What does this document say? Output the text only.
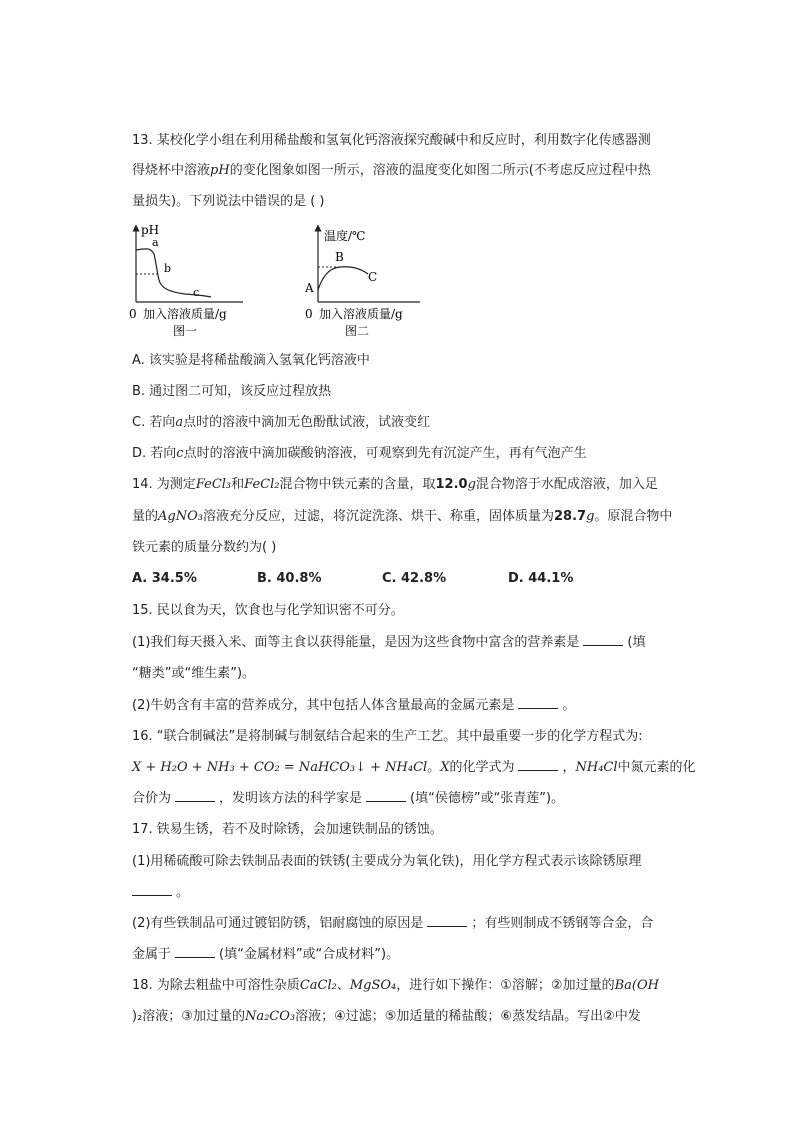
13. 某校化学小组在利用稀盐酸和氢氧化钙溶液探究酸碱中和反应时，利用数字化传感器测
得烧杯中溶液pH的变化图象如图一所示，溶液的温度变化如图二所示(不考虑反应过程中热
量损失)。下列说法中错误的是 ( )
pH
a
b
c
0 加入溶液质量/g
图一
温度/℃
A
B
C
0 加入溶液质量/g
图二
A. 该实验是将稀盐酸滴入氢氧化钙溶液中
B. 通过图二可知，该反应过程放热
C. 若向a点时的溶液中滴加无色酚酞试液，试液变红
D. 若向c点时的溶液中滴加碳酸钠溶液，可观察到先有沉淀产生，再有气泡产生
14. 为测定FeCl₃和FeCl₂混合物中铁元素的含量，取12.0g混合物溶于水配成溶液，加入足
量的AgNO₃溶液充分反应，过滤，将沉淀洗涤、烘干、称重，固体质量为28.7g。原混合物中
铁元素的质量分数约为( )
A. 34.5%	B. 40.8%	C. 42.8%	D. 44.1%
15. 民以食为天，饮食也与化学知识密不可分。
(1)我们每天摄入米、面等主食以获得能量，是因为这些食物中富含的营养素是	(填
“糖类”或“维生素”)。
(2)牛奶含有丰富的营养成分，其中包括人体含量最高的金属元素是	。
16. “联合制碱法”是将制碱与制氨结合起来的生产工艺。其中最重要一步的化学方程式为:
X + H₂O + NH₃ + CO₂ = NaHCO₃↓ + NH₄Cl。X的化学式为	，NH₄Cl中氮元素的化
合价为	，发明该方法的科学家是	(填“侯德榜”或“张青莲”)。
17. 铁易生锈，若不及时除锈，会加速铁制品的锈蚀。
(1)用稀硫酸可除去铁制品表面的铁锈(主要成分为氧化铁)，用化学方程式表示该除锈原理
。
(2)有些铁制品可通过镀铝防锈，铝耐腐蚀的原因是	；有些则制成不锈钢等合金，合
金属于	(填“金属材料”或“合成材料”)。
18. 为除去粗盐中可溶性杂质CaCl₂、MgSO₄，进行如下操作：①溶解；②加过量的Ba(OH
)₂溶液；③加过量的Na₂CO₃溶液；④过滤；⑤加适量的稀盐酸；⑥蒸发结晶。写出②中发
